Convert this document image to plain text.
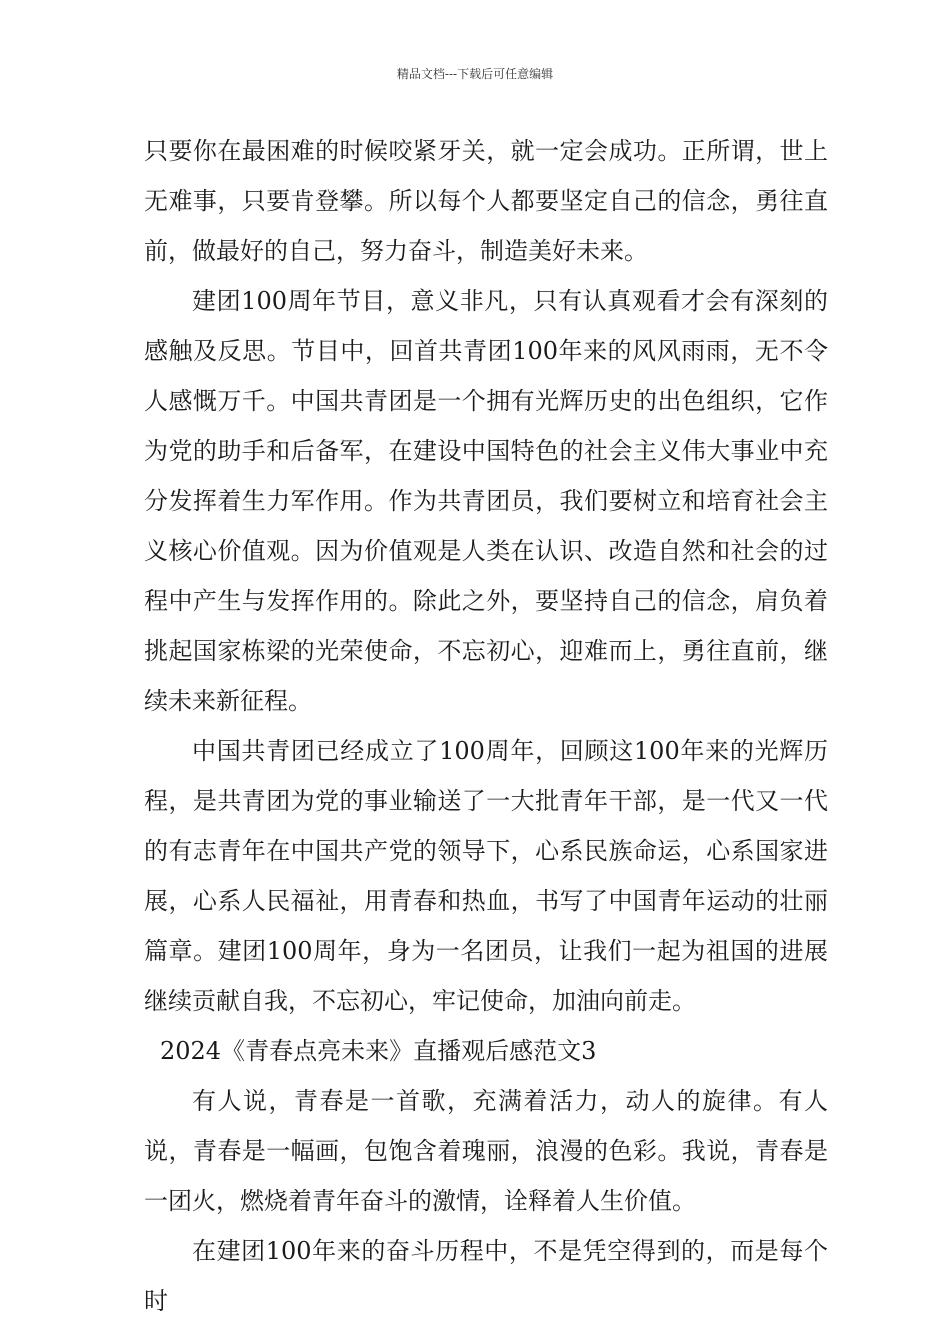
精品文档---下载后可任意编辑

只要你在最困难的时候咬紧牙关，就一定会成功。正所谓，世上无难事，只要肯登攀。所以每个人都要坚定自己的信念，勇往直前，做最好的自己，努力奋斗，制造美好未来。

建团100周年节目，意义非凡，只有认真观看才会有深刻的感触及反思。节目中，回首共青团100年来的风风雨雨，无不令人感慨万千。中国共青团是一个拥有光辉历史的出色组织，它作为党的助手和后备军，在建设中国特色的社会主义伟大事业中充分发挥着生力军作用。作为共青团员，我们要树立和培育社会主义核心价值观。因为价值观是人类在认识、改造自然和社会的过程中产生与发挥作用的。除此之外，要坚持自己的信念，肩负着挑起国家栋梁的光荣使命，不忘初心，迎难而上，勇往直前，继续未来新征程。

中国共青团已经成立了100周年，回顾这100年来的光辉历程，是共青团为党的事业输送了一大批青年干部，是一代又一代的有志青年在中国共产党的领导下，心系民族命运，心系国家进展，心系人民福祉，用青春和热血，书写了中国青年运动的壮丽篇章。建团100周年，身为一名团员，让我们一起为祖国的进展继续贡献自我，不忘初心，牢记使命，加油向前走。

2024《青春点亮未来》直播观后感范文3

有人说，青春是一首歌，充满着活力，动人的旋律。有人说，青春是一幅画，包饱含着瑰丽，浪漫的色彩。我说，青春是一团火，燃烧着青年奋斗的激情，诠释着人生价值。

在建团100年来的奋斗历程中，不是凭空得到的，而是每个时
